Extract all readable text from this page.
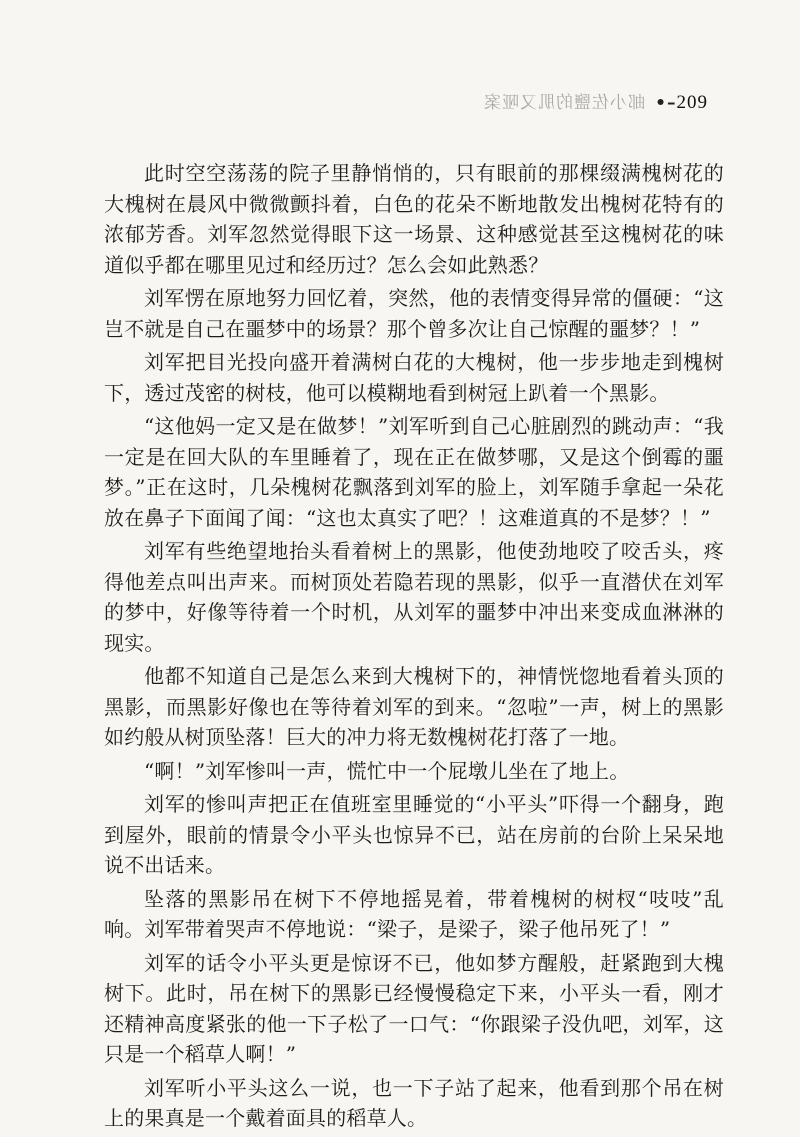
邮小佐鹽的肌又哑案 •–209

此时空空荡荡的院子里静悄悄的，只有眼前的那棵缀满槐树花的大槐树在晨风中微微颤抖着，白色的花朵不断地散发出槐树花特有的浓郁芳香。刘军忽然觉得眼下这一场景、这种感觉甚至这槐树花的味道似乎都在哪里见过和经历过？怎么会如此熟悉？

刘军愣在原地努力回忆着，突然，他的表情变得异常的僵硬：“这岂不就是自己在噩梦中的场景？那个曾多次让自己惊醒的噩梦？！”

刘军把目光投向盛开着满树白花的大槐树，他一步步地走到槐树下，透过茂密的树枝，他可以模糊地看到树冠上趴着一个黑影。

“这他妈一定又是在做梦！”刘军听到自己心脏剧烈的跳动声：“我一定是在回大队的车里睡着了，现在正在做梦哪，又是这个倒霉的噩梦。”正在这时，几朵槐树花飘落到刘军的脸上，刘军随手拿起一朵花放在鼻子下面闻了闻：“这也太真实了吧？！这难道真的不是梦？！”

刘军有些绝望地抬头看着树上的黑影，他使劲地咬了咬舌头，疼得他差点叫出声来。而树顶处若隐若现的黑影，似乎一直潜伏在刘军的梦中，好像等待着一个时机，从刘军的噩梦中冲出来变成血淋淋的现实。

他都不知道自己是怎么来到大槐树下的，神情恍惚地看着头顶的黑影，而黑影好像也在等待着刘军的到来。“忽啦”一声，树上的黑影如约般从树顶坠落！巨大的冲力将无数槐树花打落了一地。

“啊！”刘军惨叫一声，慌忙中一个屁墩儿坐在了地上。

刘军的惨叫声把正在值班室里睡觉的“小平头”吓得一个翻身，跑到屋外，眼前的情景令小平头也惊异不已，站在房前的台阶上呆呆地说不出话来。

坠落的黑影吊在树下不停地摇晃着，带着槐树的树杈“吱吱”乱响。刘军带着哭声不停地说：“梁子，是梁子，梁子他吊死了！”

刘军的话令小平头更是惊讶不已，他如梦方醒般，赶紧跑到大槐树下。此时，吊在树下的黑影已经慢慢稳定下来，小平头一看，刚才还精神高度紧张的他一下子松了一口气：“你跟梁子没仇吧，刘军，这只是一个稻草人啊！”

刘军听小平头这么一说，也一下子站了起来，他看到那个吊在树上的果真是一个戴着面具的稻草人。
